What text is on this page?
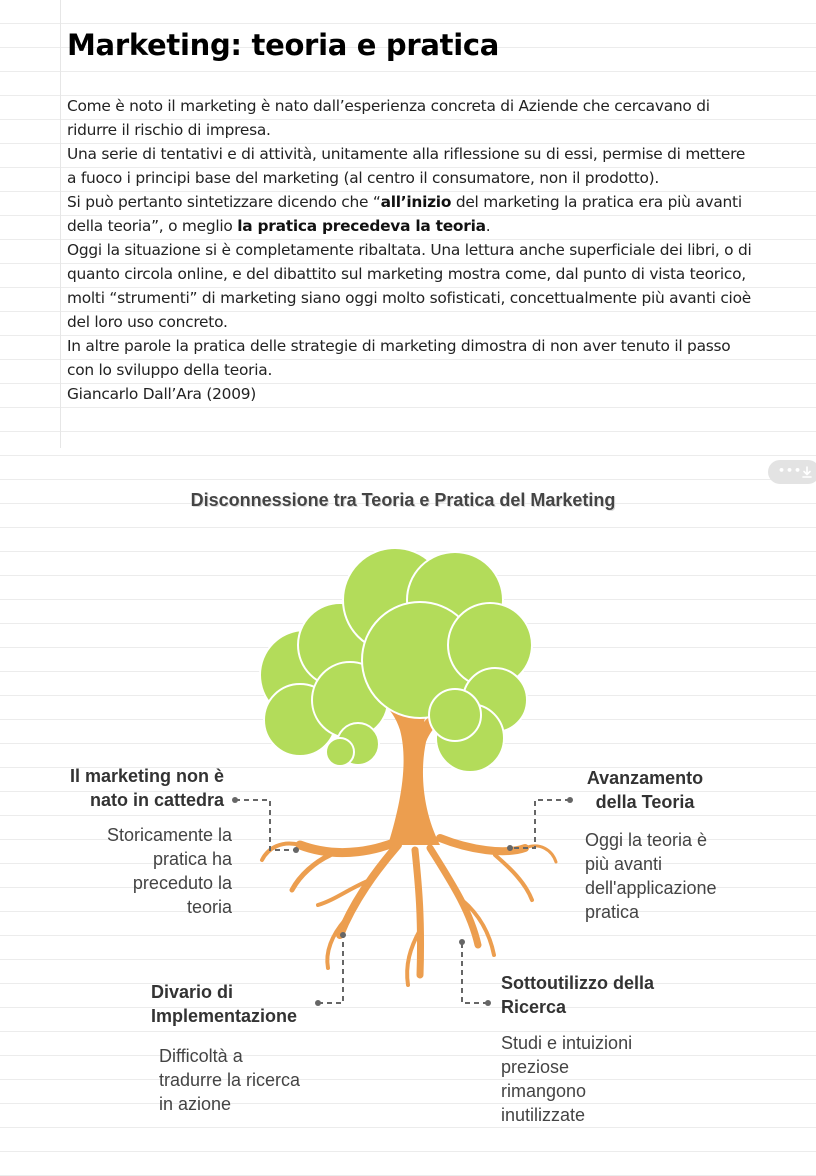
Marketing: teoria e pratica

Come è noto il marketing è nato dall’esperienza concreta di Aziende che cercavano di ridurre il rischio di impresa.

Una serie di tentativi e di attività, unitamente alla riflessione su di essi, permise di mettere a fuoco i principi base del marketing (al centro il consumatore, non il prodotto).

Si può pertanto sintetizzare dicendo che “all’inizio del marketing la pratica era più avanti della teoria”, o meglio la pratica precedeva la teoria.

Oggi la situazione si è completamente ribaltata. Una lettura anche superficiale dei libri, o di quanto circola online, e del dibattito sul marketing mostra come, dal punto di vista teorico, molti “strumenti” di marketing siano oggi molto sofisticati, concettualmente più avanti cioè del loro uso concreto.

In altre parole la pratica delle strategie di marketing dimostra di non aver tenuto il passo con lo sviluppo della teoria.

Giancarlo Dall’Ara (2009)

•••
Disconnessione tra Teoria e Pratica del Marketing
Il marketing non è
nato in cattedra
Storicamente la
pratica ha
preceduto la
teoria
Avanzamento
della Teoria
Oggi la teoria è
più avanti
dell'applicazione
pratica
Divario di
Implementazione
Difficoltà a
tradurre la ricerca
in azione
Sottoutilizzo della
Ricerca
Studi e intuizioni
preziose
rimangono
inutilizzate
